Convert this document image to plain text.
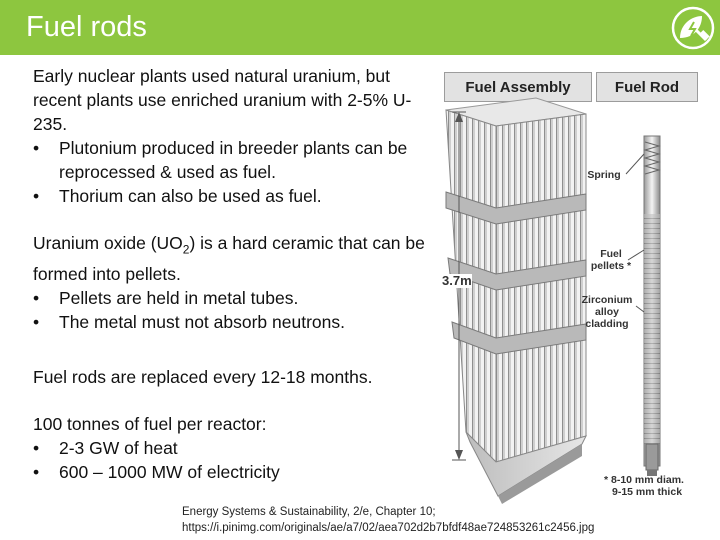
Fuel rods

Early nuclear plants used natural uranium, but recent plants use enriched uranium with 2-5% U-235.

• Plutonium produced in breeder plants can be reprocessed & used as fuel.
• Thorium can also be used as fuel.

Uranium oxide $(UO_2)$ is a hard ceramic that can be formed into pellets.

• Pellets are held in metal tubes.
• The metal must not absorb neutrons.

Fuel rods are replaced every 12-18 months.

100 tonnes of fuel per reactor:

• 2-3 GW of heat
• 600 – 1000 MW of electricity
Fuel Assembly	Fuel Rod
Spring
Fuel
pellets *
Zirconium
alloy
cladding
3.7m
* 8-10 mm diam.
9-15 mm thick
Energy Systems & Sustainability, 2/e, Chapter 10;
https://i.pinimg.com/originals/ae/a7/02/aea702d2b7bfdf48ae724853261c2456.jpg
